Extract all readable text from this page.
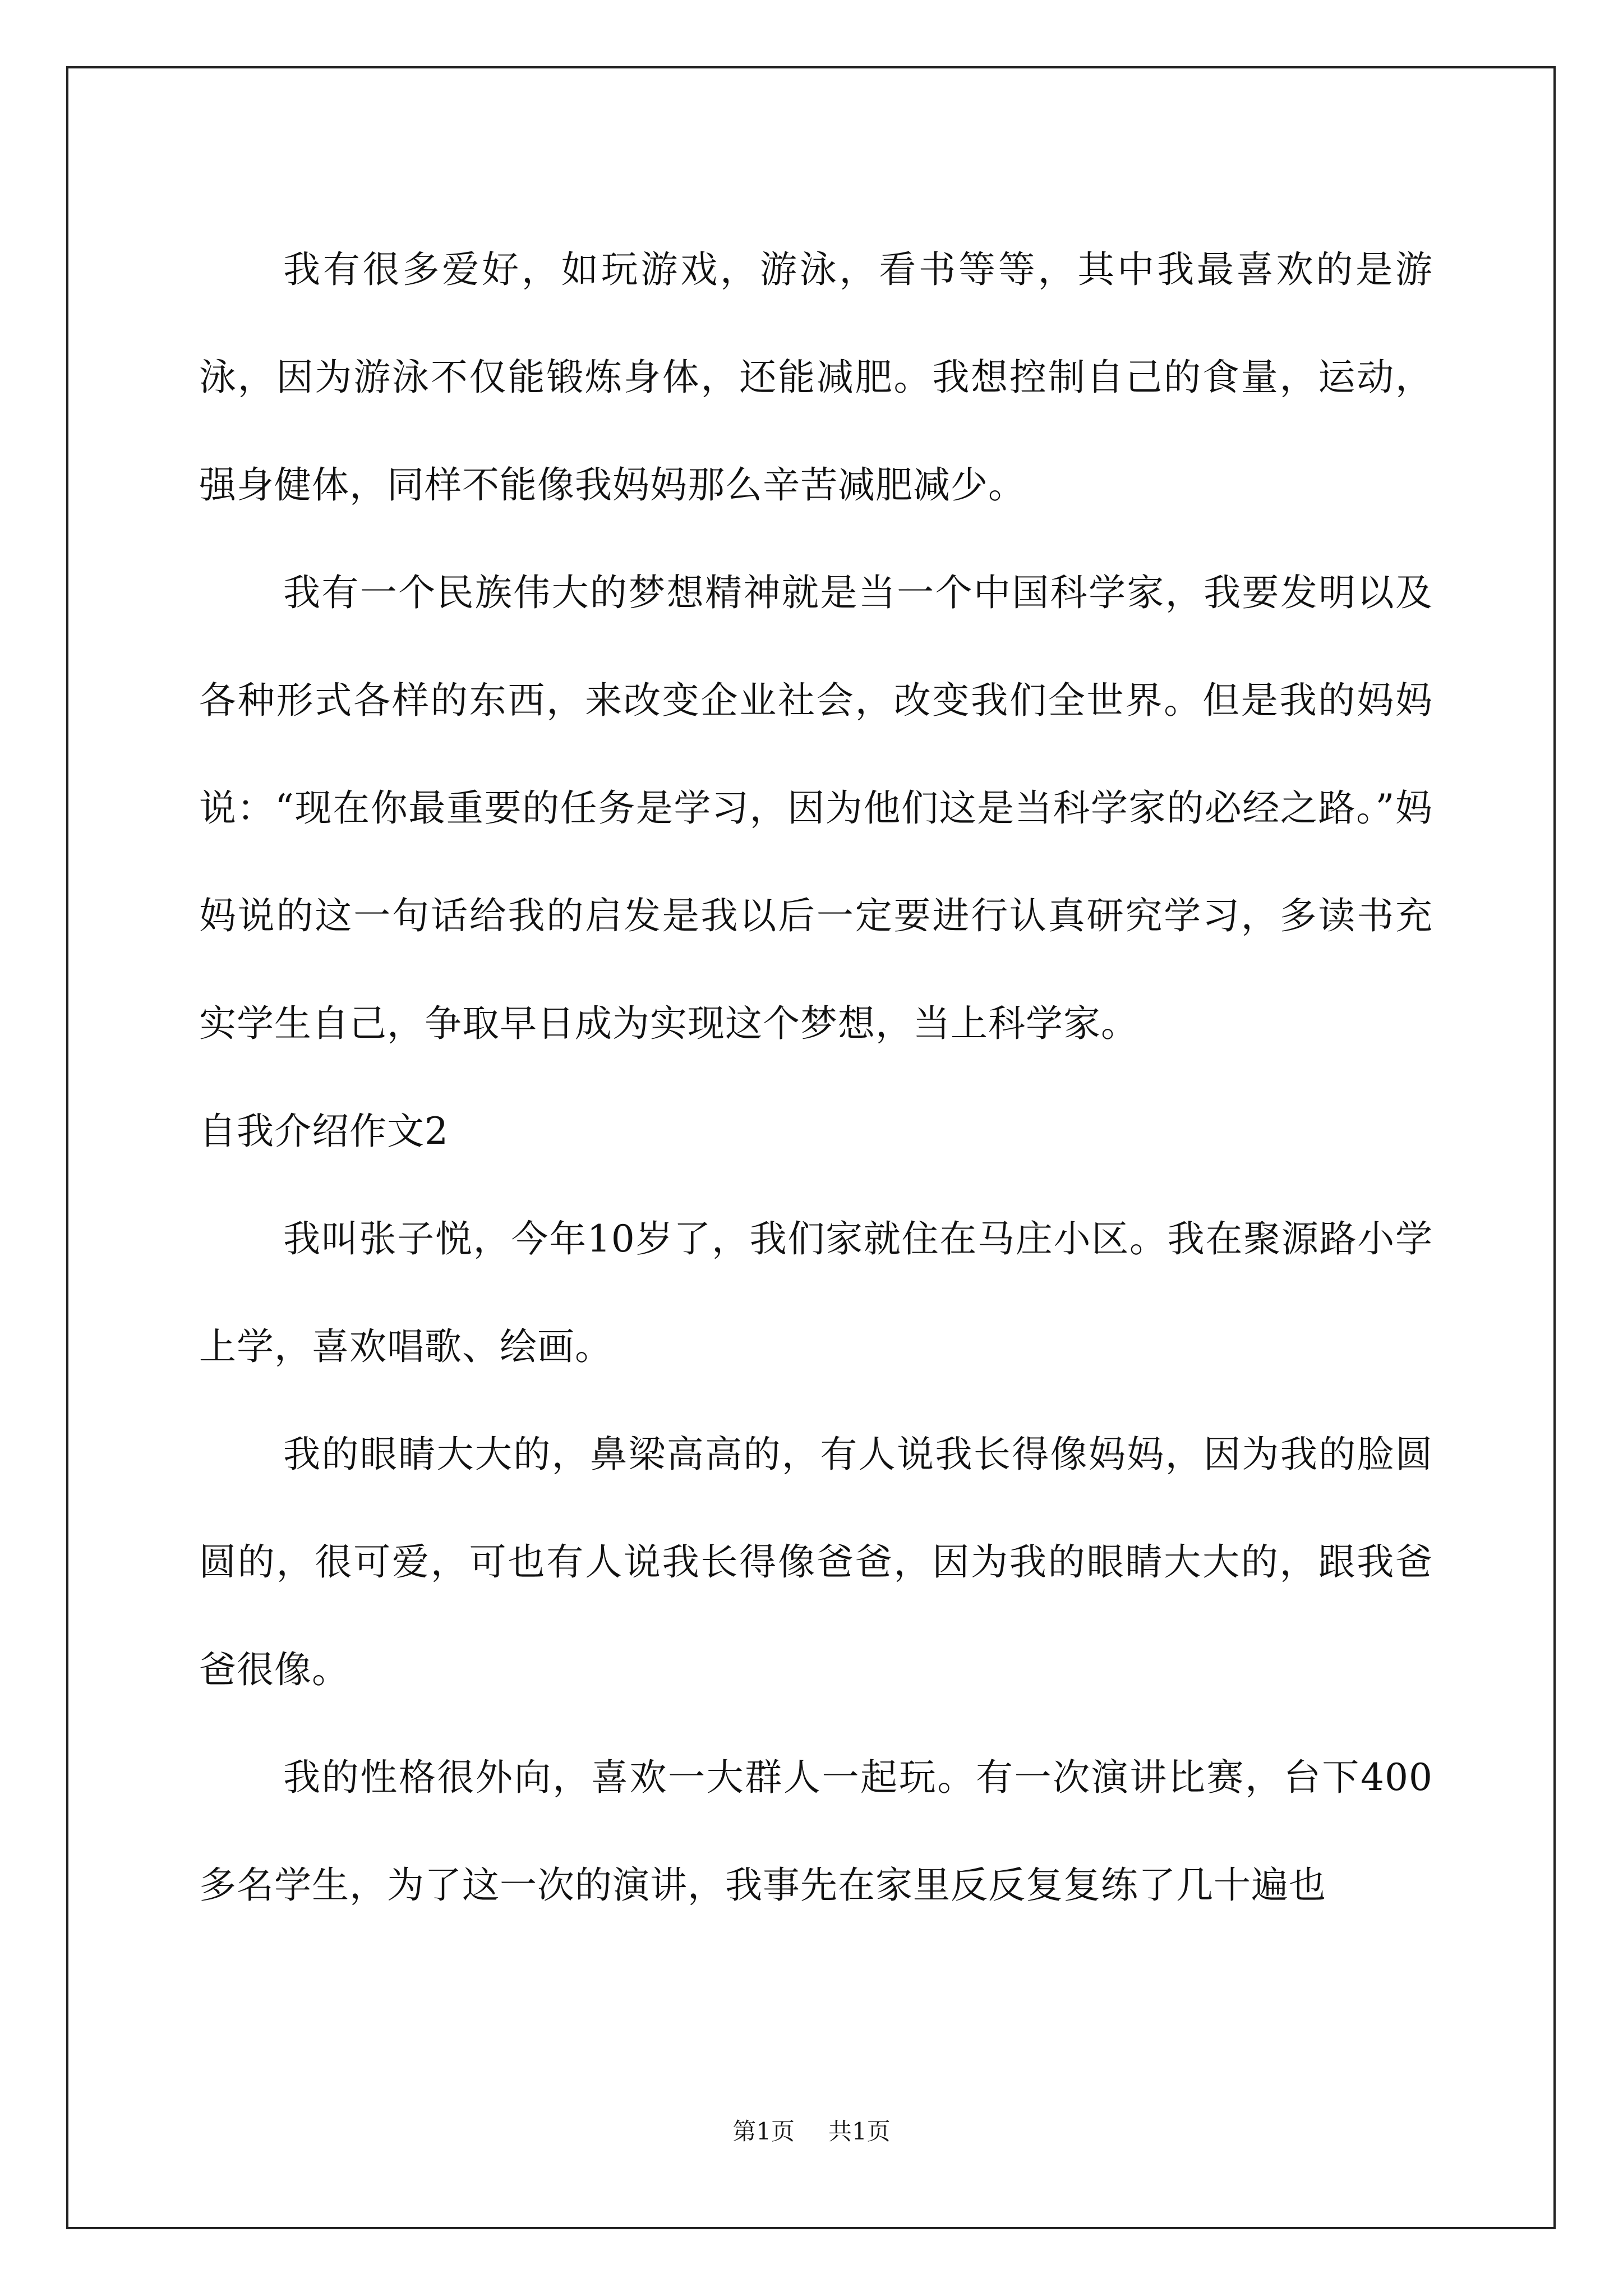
我有很多爱好，如玩游戏，游泳，看书等等，其中我最喜欢的是游泳，因为游泳不仅能锻炼身体，还能减肥。我想控制自己的食量，运动，强身健体，同样不能像我妈妈那么辛苦减肥减少。

我有一个民族伟大的梦想精神就是当一个中国科学家，我要发明以及各种形式各样的东西，来改变企业社会，改变我们全世界。但是我的妈妈说：“现在你最重要的任务是学习，因为他们这是当科学家的必经之路。”妈妈说的这一句话给我的启发是我以后一定要进行认真研究学习，多读书充实学生自己，争取早日成为实现这个梦想，当上科学家。

自我介绍作文2

我叫张子悦，今年10岁了，我们家就住在马庄小区。我在聚源路小学上学，喜欢唱歌、绘画。

我的眼睛大大的，鼻梁高高的，有人说我长得像妈妈，因为我的脸圆圆的，很可爱，可也有人说我长得像爸爸，因为我的眼睛大大的，跟我爸爸很像。

我的性格很外向，喜欢一大群人一起玩。有一次演讲比赛，台下400多名学生，为了这一次的演讲，我事先在家里反反复复练了几十遍也

第1页 共1页
